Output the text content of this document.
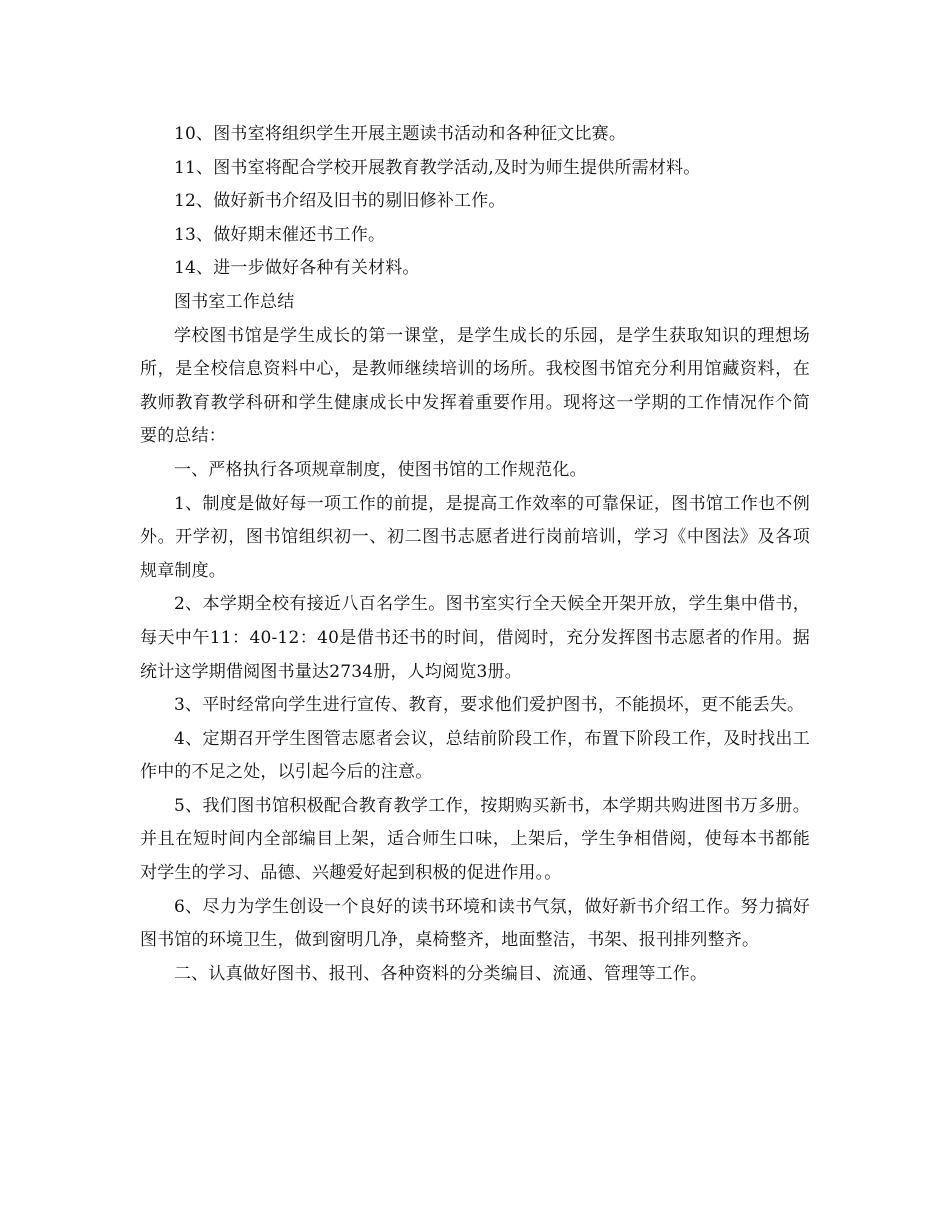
10、图书室将组织学生开展主题读书活动和各种征文比赛。

11、图书室将配合学校开展教育教学活动,及时为师生提供所需材料。

12、做好新书介绍及旧书的剔旧修补工作。

13、做好期末催还书工作。

14、进一步做好各种有关材料。

图书室工作总结

学校图书馆是学生成长的第一课堂，是学生成长的乐园，是学生获取知识的理想场所，是全校信息资料中心，是教师继续培训的场所。我校图书馆充分利用馆藏资料，在教师教育教学科研和学生健康成长中发挥着重要作用。现将这一学期的工作情况作个简要的总结：

一、严格执行各项规章制度，使图书馆的工作规范化。

1、制度是做好每一项工作的前提，是提高工作效率的可靠保证，图书馆工作也不例外。开学初，图书馆组织初一、初二图书志愿者进行岗前培训，学习《中图法》及各项规章制度。

2、本学期全校有接近八百名学生。图书室实行全天候全开架开放，学生集中借书，每天中午11：40-12：40是借书还书的时间，借阅时，充分发挥图书志愿者的作用。据统计这学期借阅图书量达2734册，人均阅览3册。

3、平时经常向学生进行宣传、教育，要求他们爱护图书，不能损坏，更不能丢失。

4、定期召开学生图管志愿者会议，总结前阶段工作，布置下阶段工作，及时找出工作中的不足之处，以引起今后的注意。

5、我们图书馆积极配合教育教学工作，按期购买新书，本学期共购进图书万多册。并且在短时间内全部编目上架，适合师生口味，上架后，学生争相借阅，使每本书都能对学生的学习、品德、兴趣爱好起到积极的促进作用。。

6、尽力为学生创设一个良好的读书环境和读书气氛，做好新书介绍工作。努力搞好图书馆的环境卫生，做到窗明几净，桌椅整齐，地面整洁，书架、报刊排列整齐。

二、认真做好图书、报刊、各种资料的分类编目、流通、管理等工作。
